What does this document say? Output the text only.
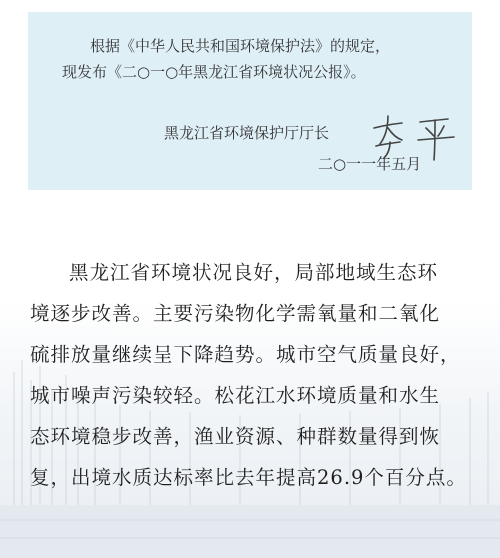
根据《中华人民共和国环境保护法》的规定，
现发布《二○一○年黑龙江省环境状况公报》。
黑龙江省环境保护厅厅长
二○一一年五月
黑龙江省环境状况良好，局部地域生态环
境逐步改善。主要污染物化学需氧量和二氧化
硫排放量继续呈下降趋势。城市空气质量良好，
城市噪声污染较轻。松花江水环境质量和水生
态环境稳步改善，渔业资源、种群数量得到恢
复，出境水质达标率比去年提高26.9个百分点。
